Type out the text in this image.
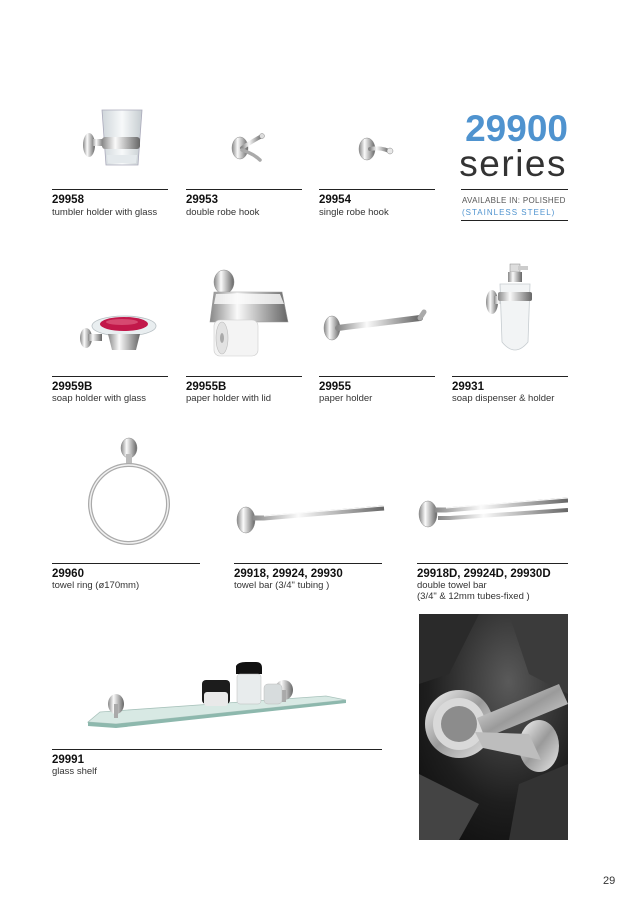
29900
series
AVAILABLE IN: POLISHED
(STAINLESS STEEL)
29958
tumbler holder with glass
29953
double robe hook
29954
single robe hook
29959B
soap holder with glass
29955B
paper holder with lid
29955
paper holder
29931
soap dispenser & holder
29960
towel ring (ø170mm)
29918, 29924, 29930
towel bar (3/4" tubing )
29918D, 29924D, 29930D
double towel bar
(3/4" & 12mm tubes-fixed )
29991
glass shelf
29
